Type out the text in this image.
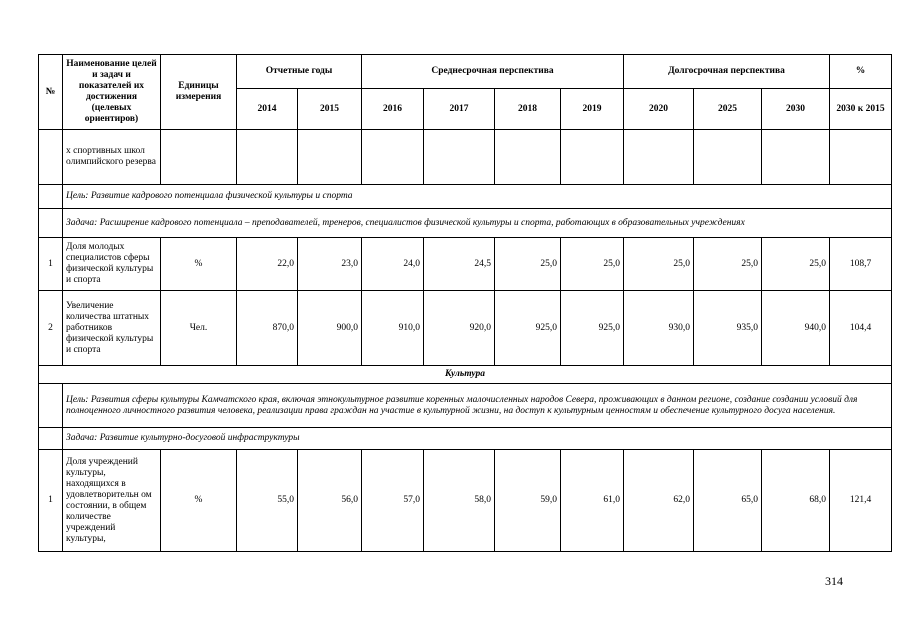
№	Наименование целей и задач и показателей их достижения (целевых ориентиров)	Единицы измерения	Отчетные годы		Среднесрочная перспектива				Долгосрочная перспектива			%
			2014	2015	2016	2017	2018	2019	2020	2025	2030	2030 к 2015
	х спортивных школ олимпийского резерва											
	Цель: Развитие кадрового потенциала физической культуры и спорта											
	Задача: Расширение кадрового потенциала – преподавателей, тренеров, специалистов физической культуры и спорта, работающих в образовательных учреждениях											
1	Доля молодых специалистов сферы физической культуры и спорта	%	22,0	23,0	24,0	24,5	25,0	25,0	25,0	25,0	25,0	108,7
2	Увеличение количества штатных работников физической культуры и спорта	Чел.	870,0	900,0	910,0	920,0	925,0	925,0	930,0	935,0	940,0	104,4
Культура												
	Цель: Развития сферы культуры Камчатского края, включая этнокультурное развитие коренных малочисленных народов Севера, проживающих в данном регионе, создание создании условий для полноценного личностного развития человека, реализации права граждан на участие в культурной жизни, на доступ к культурным ценностям и обеспечение культурного досуга населения.											
	Задача: Развитие культурно-досуговой инфраструктуры											
1	Доля учреждений культуры, находящихся в удовлетворительн ом состоянии, в общем количестве учреждений культуры,	%	55,0	56,0	57,0	58,0	59,0	61,0	62,0	65,0	68,0	121,4
314
